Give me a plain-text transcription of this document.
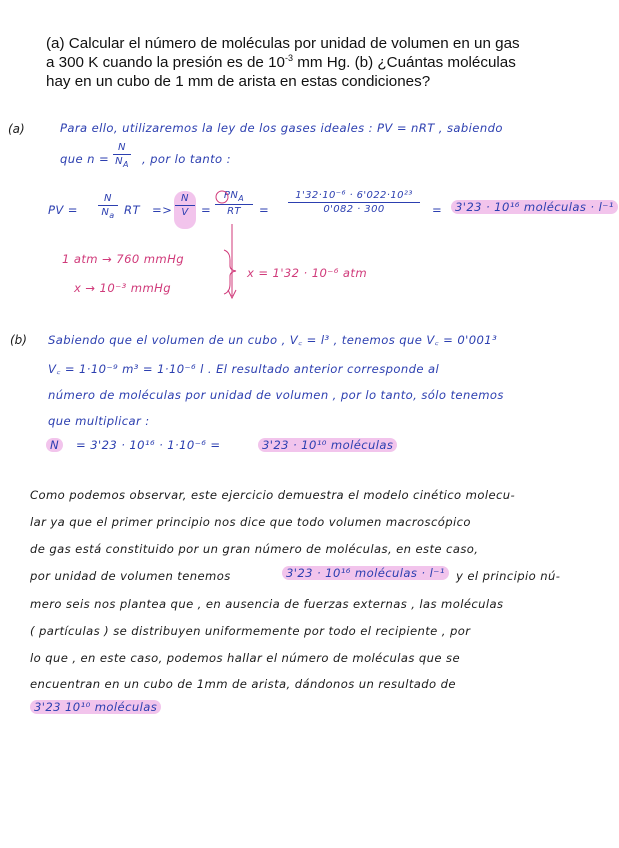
(a) Calcular el número de moléculas por unidad de volumen en un gas
a 300 K cuando la presión es de $10^{-3}$ mm Hg. (b) ¿Cuántas moléculas
hay en un cubo de 1 mm de arista en estas condiciones?
(a)	Para ello, utilizaremos la ley de los gases ideales : PV = nRT , sabiendo
que n =
N
$N_A$ , por lo tanto :
PV =
N
$N_a$ RT =>
N
V	=
$PN_A$
RT	=
1'32·10⁻⁶ · 6'022·10²³
0'082 · 300	=	3'23 · 10¹⁶ moléculas · l⁻¹
1 atm → 760 mmHg
x → 10⁻³ mmHg
x = 1'32 · 10⁻⁶ atm
(b) Sabiendo que el volumen de un cubo , V꜀ = l³ , tenemos que V꜀ = 0'001³
V꜀ = 1·10⁻⁹ m³ = 1·10⁻⁶ l . El resultado anterior corresponde al
número de moléculas por unidad de volumen , por lo tanto, sólo tenemos
que multiplicar :
N	= 3'23 · 10¹⁶ · 1·10⁻⁶ =	3'23 · 10¹⁰ moléculas
Como podemos observar, este ejercicio demuestra el modelo cinético molecu-
lar ya que el primer principio nos dice que todo volumen macroscópico
de gas está constituido por un gran número de moléculas, en este caso,
por unidad de volumen tenemos	3'23 · 10¹⁶ moléculas · l⁻¹ y el principio nú-
mero seis nos plantea que , en ausencia de fuerzas externas , las moléculas
( partículas ) se distribuyen uniformemente por todo el recipiente , por
lo que , en este caso, podemos hallar el número de moléculas que se
encuentran en un cubo de 1mm de arista, dándonos un resultado de
3'23 10¹⁰ moléculas
